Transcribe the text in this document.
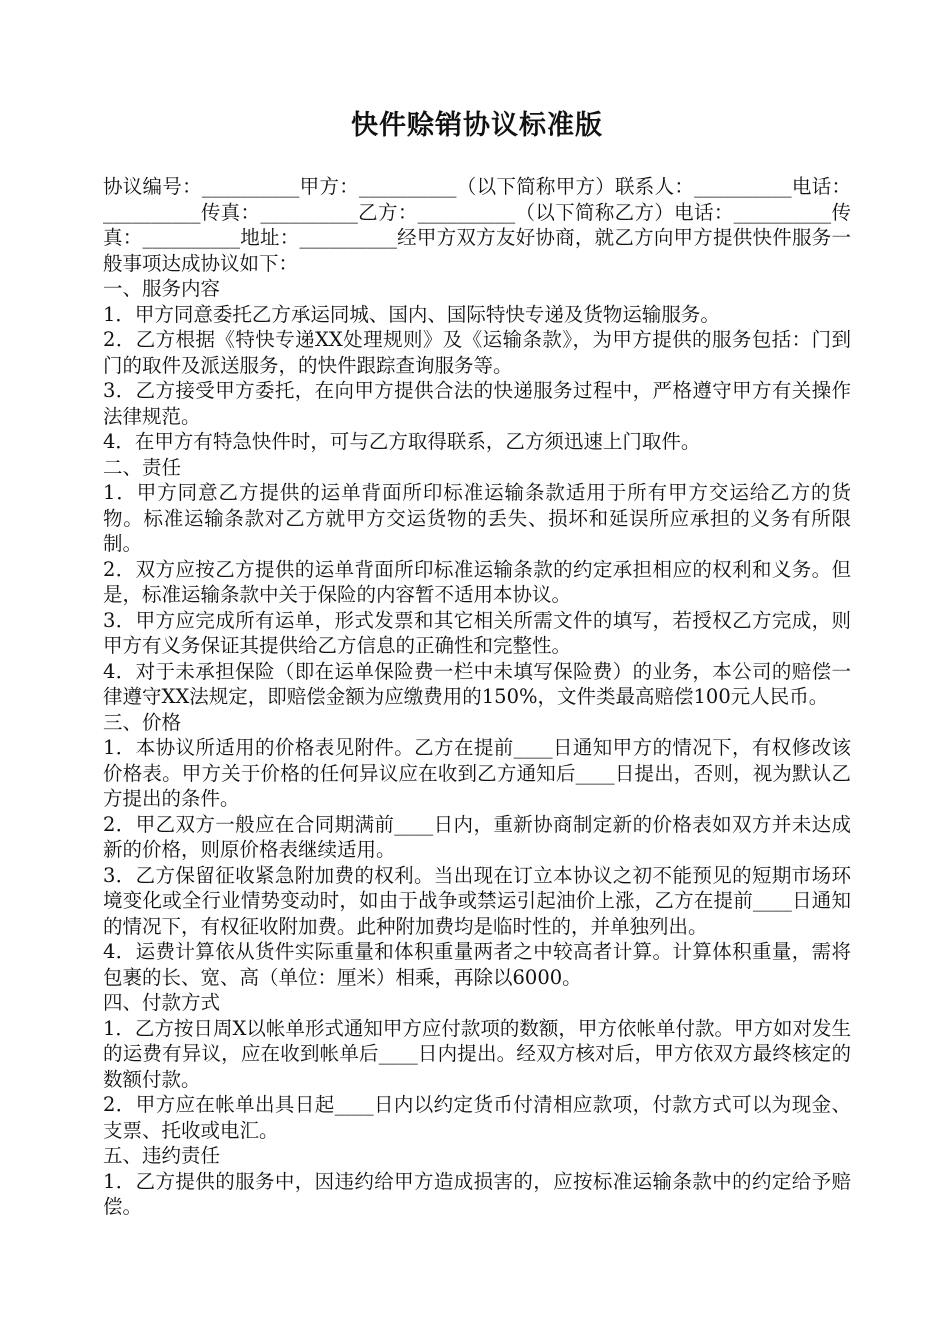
快件赊销协议标准版

协议编号：__________甲方：__________（以下简称甲方）联系人：__________电话：__________传真：__________乙方：__________（以下简称乙方）电话：__________传真：__________地址：__________经甲方双方友好协商，就乙方向甲方提供快件服务一般事项达成协议如下：

一、服务内容

1．甲方同意委托乙方承运同城、国内、国际特快专递及货物运输服务。

2．乙方根据《特快专递XX处理规则》及《运输条款》，为甲方提供的服务包括：门到门的取件及派送服务，的快件跟踪查询服务等。

3．乙方接受甲方委托，在向甲方提供合法的快递服务过程中，严格遵守甲方有关操作法律规范。

4．在甲方有特急快件时，可与乙方取得联系，乙方须迅速上门取件。

二、责任

1．甲方同意乙方提供的运单背面所印标准运输条款适用于所有甲方交运给乙方的货物。标准运输条款对乙方就甲方交运货物的丢失、损坏和延误所应承担的义务有所限制。

2．双方应按乙方提供的运单背面所印标准运输条款的约定承担相应的权利和义务。但是，标准运输条款中关于保险的内容暂不适用本协议。

3．甲方应完成所有运单，形式发票和其它相关所需文件的填写，若授权乙方完成，则甲方有义务保证其提供给乙方信息的正确性和完整性。

4．对于未承担保险（即在运单保险费一栏中未填写保险费）的业务，本公司的赔偿一律遵守XX法规定，即赔偿金额为应缴费用的150%，文件类最高赔偿100元人民币。

三、价格

1．本协议所适用的价格表见附件。乙方在提前____日通知甲方的情况下，有权修改该价格表。甲方关于价格的任何异议应在收到乙方通知后____日提出，否则，视为默认乙方提出的条件。

2．甲乙双方一般应在合同期满前____日内，重新协商制定新的价格表如双方并未达成新的价格，则原价格表继续适用。

3．乙方保留征收紧急附加费的权利。当出现在订立本协议之初不能预见的短期市场环境变化或全行业情势变动时，如由于战争或禁运引起油价上涨，乙方在提前____日通知的情况下，有权征收附加费。此种附加费均是临时性的，并单独列出。

4．运费计算依从货件实际重量和体积重量两者之中较高者计算。计算体积重量，需将包裹的长、宽、高（单位：厘米）相乘，再除以6000。

四、付款方式

1．乙方按日周X以帐单形式通知甲方应付款项的数额，甲方依帐单付款。甲方如对发生的运费有异议，应在收到帐单后____日内提出。经双方核对后，甲方依双方最终核定的数额付款。

2．甲方应在帐单出具日起____日内以约定货币付清相应款项，付款方式可以为现金、支票、托收或电汇。

五、违约责任

1．乙方提供的服务中，因违约给甲方造成损害的，应按标准运输条款中的约定给予赔偿。
